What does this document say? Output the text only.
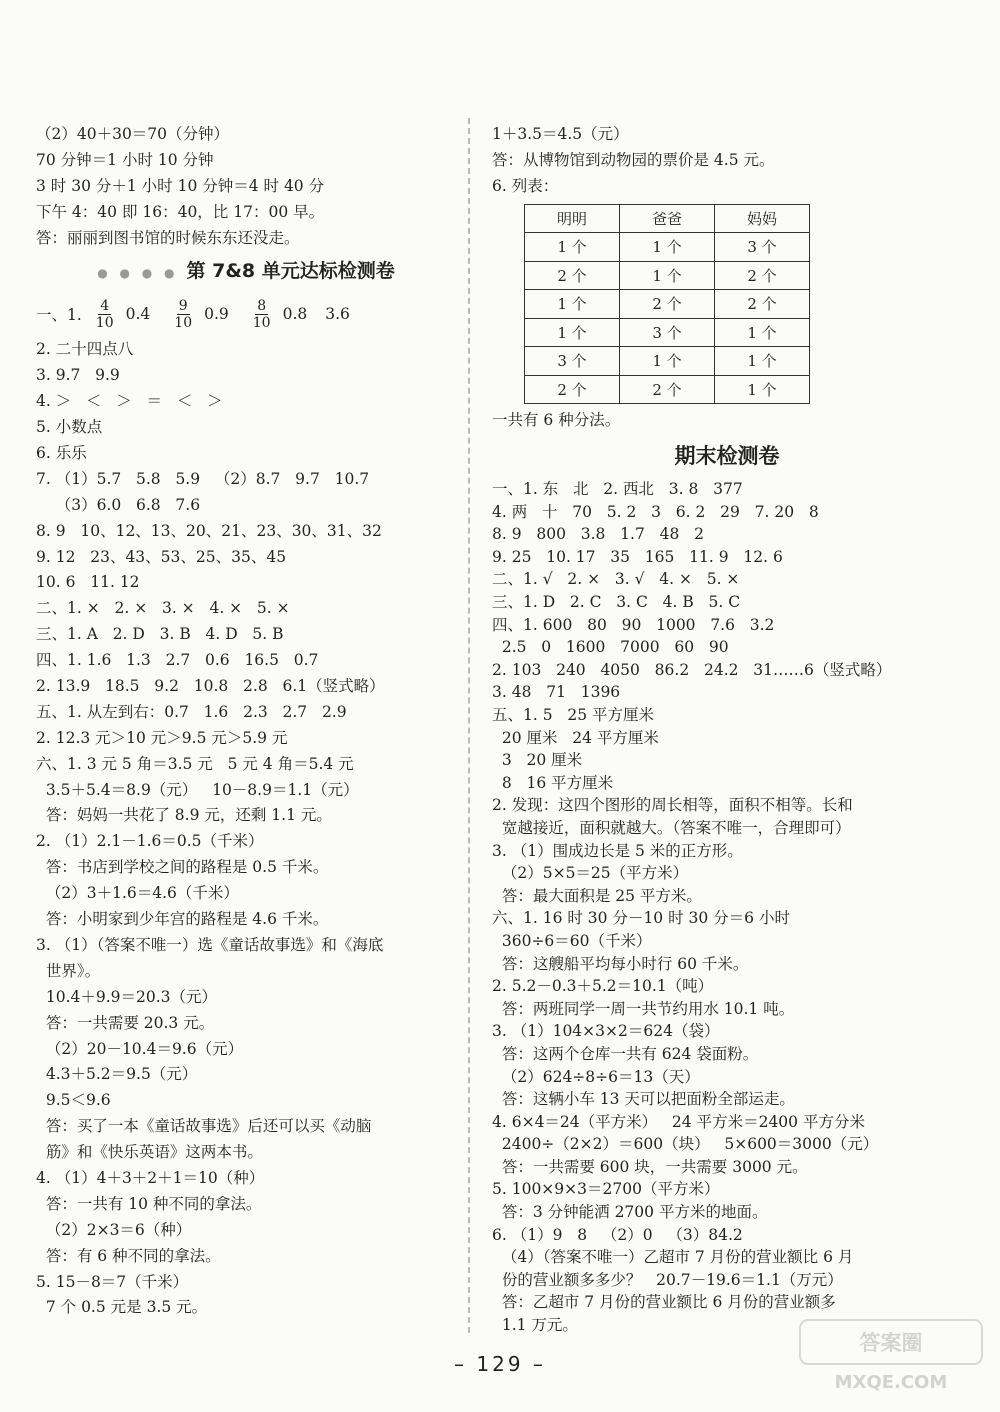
（2）40＋30＝70（分钟）
70 分钟＝1 小时 10 分钟
3 时 30 分＋1 小时 10 分钟＝4 时 40 分
下午 4：40 即 16：40，比 17：00 早。
答：丽丽到图书馆的时候东东还没走。
● ● ● ● 第 7&8 单元达标检测卷
一、1. $\frac{4}{10} 0.4 \frac{9}{10} 0.9 \frac{8}{10} 0.8$ 3.6
2. 二十四点八
3. 9.7   9.9
4. ＞   ＜   ＞   ＝   ＜   ＞
5. 小数点
6. 乐乐
7. （1）5.7   5.8   5.9   （2）8.7   9.7   10.7
（3）6.0   6.8   7.6
8. 9   10、12、13、20、21、23、30、31、32
9. 12   23、43、53、25、35、45
10. 6   11. 12
二、1. ×   2. ×   3. ×   4. ×   5. ×
三、1. A   2. D   3. B   4. D   5. B
四、1. 1.6   1.3   2.7   0.6   16.5   0.7
2. 13.9   18.5   9.2   10.8   2.8   6.1（竖式略）
五、1. 从左到右：0.7   1.6   2.3   2.7   2.9
2. 12.3 元＞10 元＞9.5 元＞5.9 元
六、1. 3 元 5 角＝3.5 元   5 元 4 角＝5.4 元
3.5＋5.4＝8.9（元）   10－8.9＝1.1（元）
答：妈妈一共花了 8.9 元，还剩 1.1 元。
2. （1）2.1－1.6＝0.5（千米）
答：书店到学校之间的路程是 0.5 千米。
（2）3＋1.6＝4.6（千米）
答：小明家到少年宫的路程是 4.6 千米。
3. （1）（答案不唯一）选《童话故事选》和《海底
世界》。
10.4＋9.9＝20.3（元）
答：一共需要 20.3 元。
（2）20－10.4＝9.6（元）
4.3＋5.2＝9.5（元）
9.5＜9.6
答：买了一本《童话故事选》后还可以买《动脑
筋》和《快乐英语》这两本书。
4. （1）4＋3＋2＋1＝10（种）
答：一共有 10 种不同的拿法。
（2）2×3＝6（种）
答：有 6 种不同的拿法。
5. 15－8＝7（千米）
7 个 0.5 元是 3.5 元。
1＋3.5＝4.5（元）
答：从博物馆到动物园的票价是 4.5 元。
6. 列表：
明明	爸爸	妈妈
1 个	1 个	3 个
2 个	1 个	2 个
1 个	2 个	2 个
1 个	3 个	1 个
3 个	1 个	1 个
2 个	2 个	1 个
一共有 6 种分法。
期末检测卷
一、1. 东   北   2. 西北   3. 8   377
4. 两   十   70   5. 2   3   6. 2   29   7. 20   8
8. 9   800   3.8   1.7   48   2
9. 25   10. 17   35   165   11. 9   12. 6
二、1. √   2. ×   3. √   4. ×   5. ×
三、1. D   2. C   3. C   4. B   5. C
四、1. 600   80   90   1000   7.6   3.2
2.5   0   1600   7000   60   90
2. 103   240   4050   86.2   24.2   31……6（竖式略）
3. 48   71   1396
五、1. 5   25 平方厘米
20 厘米   24 平方厘米
3   20 厘米
8   16 平方厘米
2. 发现：这四个图形的周长相等，面积不相等。长和
宽越接近，面积就越大。（答案不唯一，合理即可）
3. （1）围成边长是 5 米的正方形。
（2）5×5＝25（平方米）
答：最大面积是 25 平方米。
六、1. 16 时 30 分－10 时 30 分＝6 小时
360÷6＝60（千米）
答：这艘船平均每小时行 60 千米。
2. 5.2－0.3＋5.2＝10.1（吨）
答：两班同学一周一共节约用水 10.1 吨。
3. （1）104×3×2＝624（袋）
答：这两个仓库一共有 624 袋面粉。
（2）624÷8÷6＝13（天）
答：这辆小车 13 天可以把面粉全部运走。
4. 6×4＝24（平方米）   24 平方米＝2400 平方分米
2400÷（2×2）＝600（块）   5×600＝3000（元）
答：一共需要 600 块，一共需要 3000 元。
5. 100×9×3＝2700（平方米）
答：3 分钟能洒 2700 平方米的地面。
6. （1）9   8   （2）0   （3）84.2
（4）（答案不唯一）乙超市 7 月份的营业额比 6 月
份的营业额多多少？   20.7－19.6＝1.1（万元）
答：乙超市 7 月份的营业额比 6 月份的营业额多
1.1 万元。
– 129 –
答案圈
MXQE.COM
